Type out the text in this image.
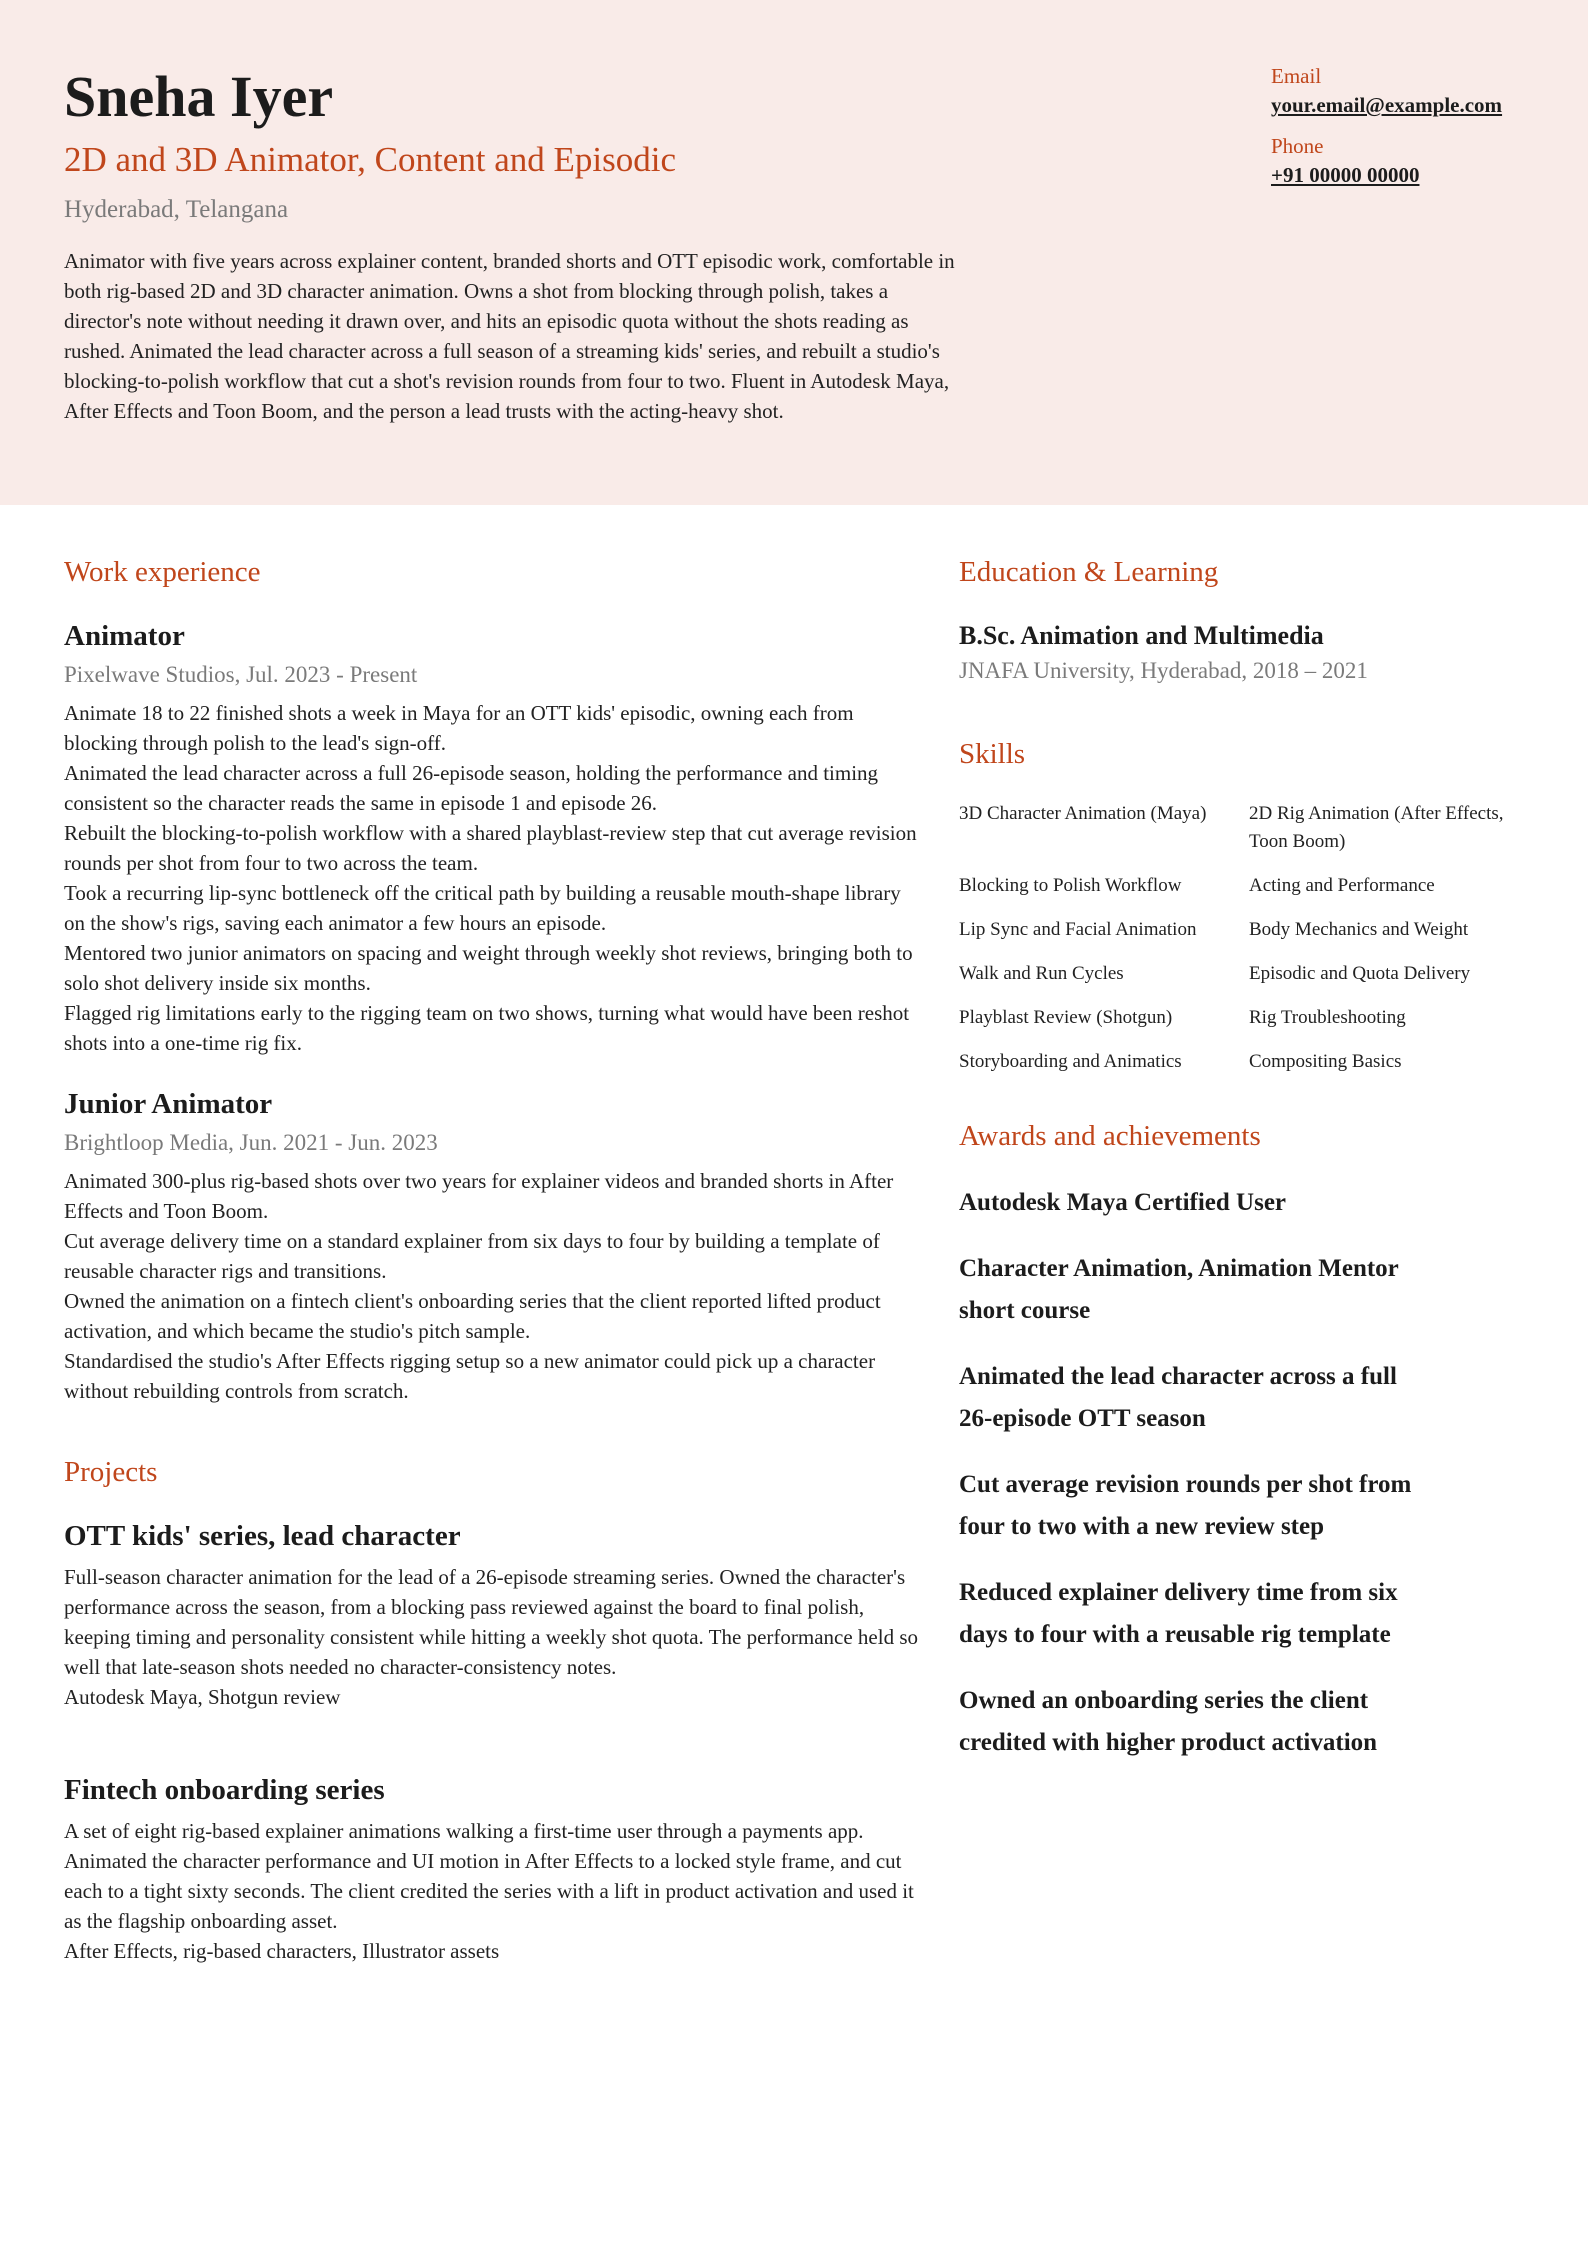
Sneha Iyer
2D and 3D Animator, Content and Episodic
Hyderabad, Telangana
Animator with five years across explainer content, branded shorts and OTT episodic work, comfortable in both rig-based 2D and 3D character animation. Owns a shot from blocking through polish, takes a director's note without needing it drawn over, and hits an episodic quota without the shots reading as rushed. Animated the lead character across a full season of a streaming kids' series, and rebuilt a studio's blocking-to-polish workflow that cut a shot's revision rounds from four to two. Fluent in Autodesk Maya, After Effects and Toon Boom, and the person a lead trusts with the acting-heavy shot.
Email
your.email@example.com
Phone
+91 00000 00000
Work experience
Animator
Pixelwave Studios, Jul. 2023 - Present
Animate 18 to 22 finished shots a week in Maya for an OTT kids' episodic, owning each from blocking through polish to the lead's sign-off.
Animated the lead character across a full 26-episode season, holding the performance and timing consistent so the character reads the same in episode 1 and episode 26.
Rebuilt the blocking-to-polish workflow with a shared playblast-review step that cut average revision rounds per shot from four to two across the team.
Took a recurring lip-sync bottleneck off the critical path by building a reusable mouth-shape library on the show's rigs, saving each animator a few hours an episode.
Mentored two junior animators on spacing and weight through weekly shot reviews, bringing both to solo shot delivery inside six months.
Flagged rig limitations early to the rigging team on two shows, turning what would have been reshot shots into a one-time rig fix.
Junior Animator
Brightloop Media, Jun. 2021 - Jun. 2023
Animated 300-plus rig-based shots over two years for explainer videos and branded shorts in After Effects and Toon Boom.
Cut average delivery time on a standard explainer from six days to four by building a template of reusable character rigs and transitions.
Owned the animation on a fintech client's onboarding series that the client reported lifted product activation, and which became the studio's pitch sample.
Standardised the studio's After Effects rigging setup so a new animator could pick up a character without rebuilding controls from scratch.
Projects
OTT kids' series, lead character
Full-season character animation for the lead of a 26-episode streaming series. Owned the character's performance across the season, from a blocking pass reviewed against the board to final polish, keeping timing and personality consistent while hitting a weekly shot quota. The performance held so well that late-season shots needed no character-consistency notes.
Autodesk Maya, Shotgun review
Fintech onboarding series
A set of eight rig-based explainer animations walking a first-time user through a payments app. Animated the character performance and UI motion in After Effects to a locked style frame, and cut each to a tight sixty seconds. The client credited the series with a lift in product activation and used it as the flagship onboarding asset.
After Effects, rig-based characters, Illustrator assets
Education & Learning
B.Sc. Animation and Multimedia
JNAFA University, Hyderabad, 2018 – 2021
Skills
3D Character Animation (Maya)	2D Rig Animation (After Effects, Toon Boom)
Blocking to Polish Workflow	Acting and Performance
Lip Sync and Facial Animation	Body Mechanics and Weight
Walk and Run Cycles	Episodic and Quota Delivery
Playblast Review (Shotgun)	Rig Troubleshooting
Storyboarding and Animatics	Compositing Basics
Awards and achievements
Autodesk Maya Certified User
Character Animation, Animation Mentor short course
Animated the lead character across a full 26-episode OTT season
Cut average revision rounds per shot from four to two with a new review step
Reduced explainer delivery time from six days to four with a reusable rig template
Owned an onboarding series the client credited with higher product activation
